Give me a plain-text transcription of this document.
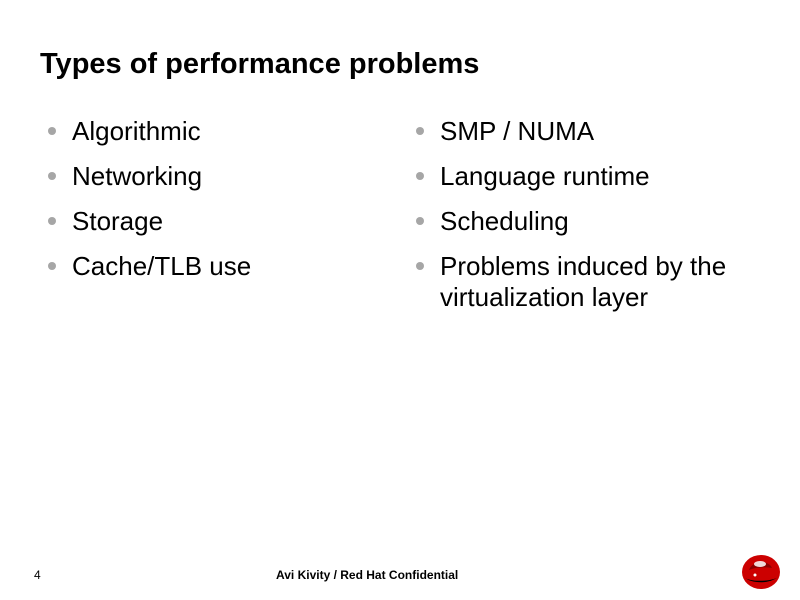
Types of performance problems
Algorithmic
Networking
Storage
Cache/TLB use
SMP / NUMA
Language runtime
Scheduling
Problems induced by the virtualization layer
4	Avi Kivity / Red Hat Confidential
